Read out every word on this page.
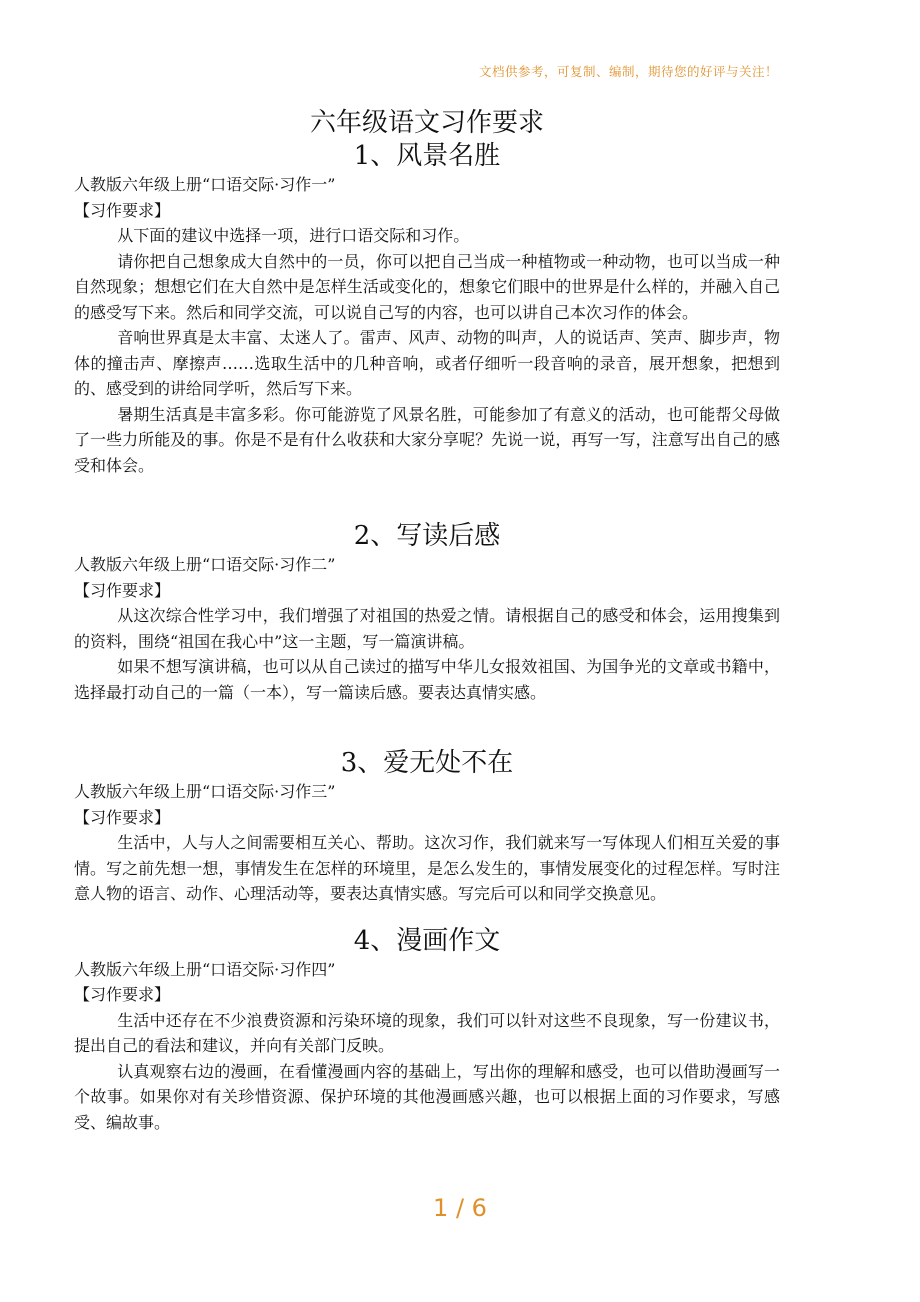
文档供参考，可复制、编制，期待您的好评与关注！
六年级语文习作要求
1、风景名胜

人教版六年级上册“口语交际·习作一”

【习作要求】

从下面的建议中选择一项，进行口语交际和习作。

请你把自己想象成大自然中的一员，你可以把自己当成一种植物或一种动物，也可以当成一种自然现象；想想它们在大自然中是怎样生活或变化的，想象它们眼中的世界是什么样的，并融入自己的感受写下来。然后和同学交流，可以说自己写的内容，也可以讲自己本次习作的体会。

音响世界真是太丰富、太迷人了。雷声、风声、动物的叫声，人的说话声、笑声、脚步声，物体的撞击声、摩擦声……选取生活中的几种音响，或者仔细听一段音响的录音，展开想象，把想到的、感受到的讲给同学听，然后写下来。

暑期生活真是丰富多彩。你可能游览了风景名胜，可能参加了有意义的活动，也可能帮父母做了一些力所能及的事。你是不是有什么收获和大家分享呢？先说一说，再写一写，注意写出自己的感受和体会。

2、写读后感

人教版六年级上册“口语交际·习作二”

【习作要求】

从这次综合性学习中，我们增强了对祖国的热爱之情。请根据自己的感受和体会，运用搜集到的资料，围绕“祖国在我心中”这一主题，写一篇演讲稿。

如果不想写演讲稿，也可以从自己读过的描写中华儿女报效祖国、为国争光的文章或书籍中，选择最打动自己的一篇（一本），写一篇读后感。要表达真情实感。

3、爱无处不在

人教版六年级上册“口语交际·习作三”

【习作要求】

生活中，人与人之间需要相互关心、帮助。这次习作，我们就来写一写体现人们相互关爱的事情。写之前先想一想，事情发生在怎样的环境里，是怎么发生的，事情发展变化的过程怎样。写时注意人物的语言、动作、心理活动等，要表达真情实感。写完后可以和同学交换意见。

4、漫画作文

人教版六年级上册“口语交际·习作四”

【习作要求】

生活中还存在不少浪费资源和污染环境的现象，我们可以针对这些不良现象，写一份建议书，提出自己的看法和建议，并向有关部门反映。

认真观察右边的漫画，在看懂漫画内容的基础上，写出你的理解和感受，也可以借助漫画写一个故事。如果你对有关珍惜资源、保护环境的其他漫画感兴趣，也可以根据上面的习作要求，写感受、编故事。

1 / 6
